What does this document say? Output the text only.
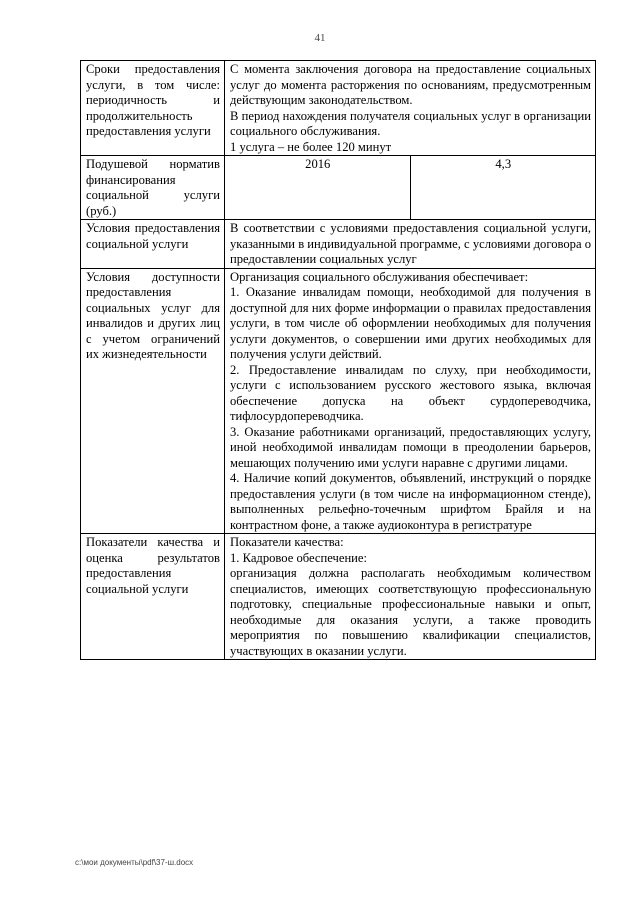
41
Сроки предоставления услуги, в том числе: периодичность и продолжительность предоставления услуги	С момента заключения договора на предоставление социальных услуг до момента расторжения по основаниям, предусмотренным действующим законодательством.
В период нахождения получателя социальных услуг в организации социального обслуживания.
1 услуга – не более 120 минут	

Подушевой норматив финансирования социальной услуги (руб.)	2016	4,3
Условия предоставления социальной услуги	В соответствии с условиями предоставления социальной услуги, указанными в индивидуальной программе, с условиями договора о предоставлении социальных услуг	

Условия доступности предоставления социальных услуг для инвалидов и других лиц с учетом ограничений их жизнедеятельности	Организация социального обслуживания обеспечивает:
1. Оказание инвалидам помощи, необходимой для получения в доступной для них форме информации о правилах предоставления услуги, в том числе об оформлении необходимых для получения услуги документов, о совершении ими других необходимых для получения услуги действий.
2. Предоставление инвалидам по слуху, при необходимости, услуги с использованием русского жестового языка, включая обеспечение допуска на объект сурдопереводчика, тифлосурдопереводчика.
3. Оказание работниками организаций, предоставляющих услугу, иной необходимой инвалидам помощи в преодолении барьеров, мешающих получению ими услуги наравне с другими лицами.
4. Наличие копий документов, объявлений, инструкций о порядке предоставления услуги (в том числе на информационном стенде), выполненных рельефно-точечным шрифтом Брайля и на контрастном фоне, а также аудиоконтура в регистратуре	

Показатели качества и оценка результатов предоставления социальной услуги	Показатели качества:
1. Кадровое обеспечение:
организация должна располагать необходимым количеством специалистов, имеющих соответствующую профессиональную подготовку, специальные профессиональные навыки и опыт, необходимые для оказания услуги, а также проводить мероприятия по повышению квалификации специалистов, участвующих в оказании услуги.	
c:\мои документы\pdf\37-ш.docx
